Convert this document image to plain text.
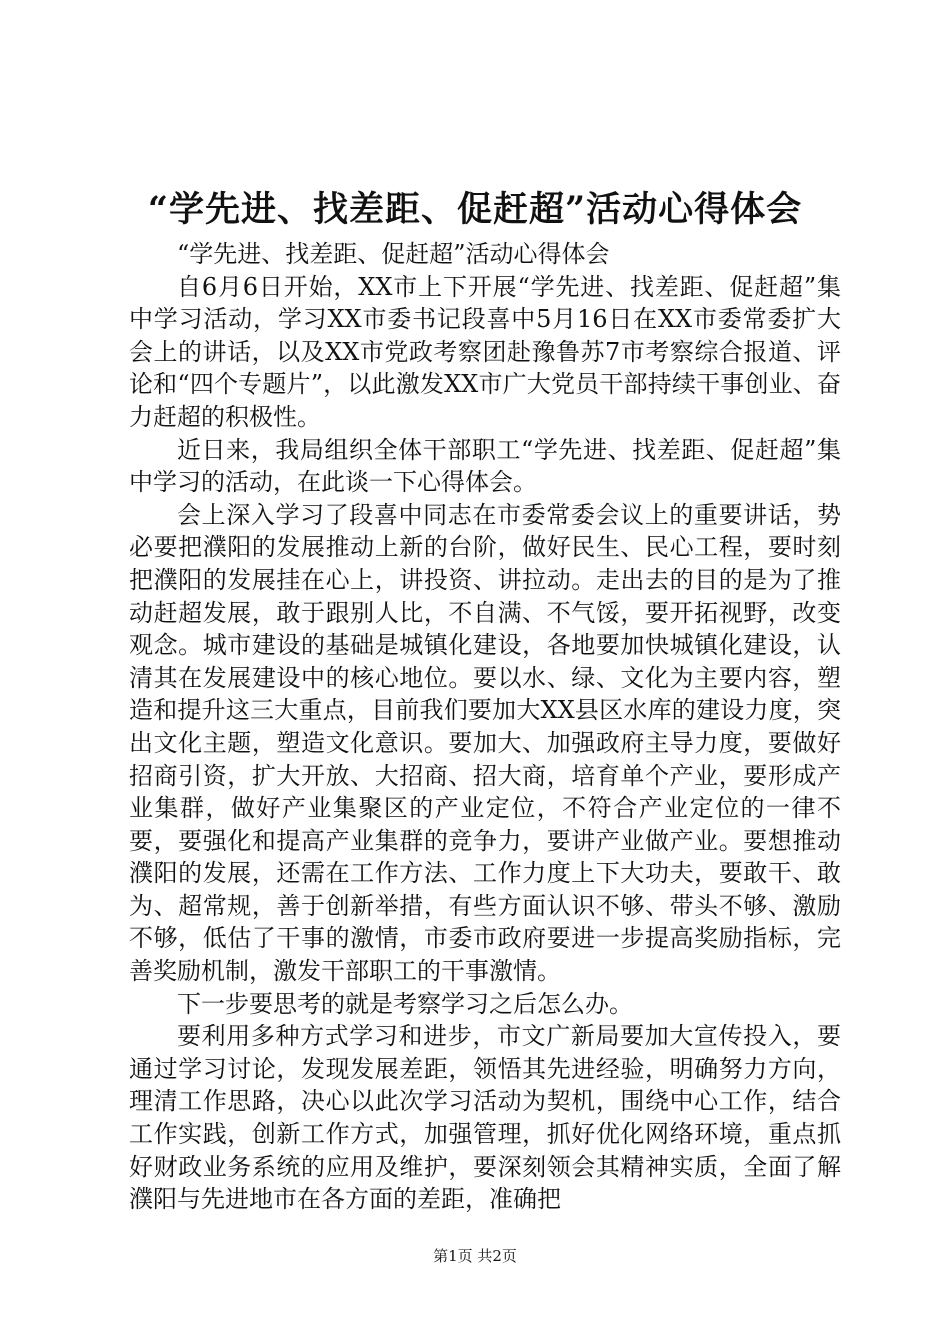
“学先进、找差距、促赶超”活动心得体会

“学先进、找差距、促赶超”活动心得体会

自6月6日开始，XX市上下开展“学先进、找差距、促赶超”集中学习活动，学习XX市委书记段喜中5月16日在XX市委常委扩大会上的讲话，以及XX市党政考察团赴豫鲁苏7市考察综合报道、评论和“四个专题片”，以此激发XX市广大党员干部持续干事创业、奋力赶超的积极性。

近日来，我局组织全体干部职工“学先进、找差距、促赶超”集中学习的活动，在此谈一下心得体会。

会上深入学习了段喜中同志在市委常委会议上的重要讲话，势必要把濮阳的发展推动上新的台阶，做好民生、民心工程，要时刻把濮阳的发展挂在心上，讲投资、讲拉动。走出去的目的是为了推动赶超发展，敢于跟别人比，不自满、不气馁，要开拓视野，改变观念。城市建设的基础是城镇化建设，各地要加快城镇化建设，认清其在发展建设中的核心地位。要以水、绿、文化为主要内容，塑造和提升这三大重点，目前我们要加大XX县区水库的建设力度，突出文化主题，塑造文化意识。要加大、加强政府主导力度，要做好招商引资，扩大开放、大招商、招大商，培育单个产业，要形成产业集群，做好产业集聚区的产业定位，不符合产业定位的一律不要，要强化和提高产业集群的竞争力，要讲产业做产业。要想推动濮阳的发展，还需在工作方法、工作力度上下大功夫，要敢干、敢为、超常规，善于创新举措，有些方面认识不够、带头不够、激励不够，低估了干事的激情，市委市政府要进一步提高奖励指标，完善奖励机制，激发干部职工的干事激情。

下一步要思考的就是考察学习之后怎么办。

要利用多种方式学习和进步，市文广新局要加大宣传投入，要通过学习讨论，发现发展差距，领悟其先进经验，明确努力方向，理清工作思路，决心以此次学习活动为契机，围绕中心工作，结合工作实践，创新工作方式，加强管理，抓好优化网络环境，重点抓好财政业务系统的应用及维护，要深刻领会其精神实质，全面了解濮阳与先进地市在各方面的差距，准确把

第1页 共2页
